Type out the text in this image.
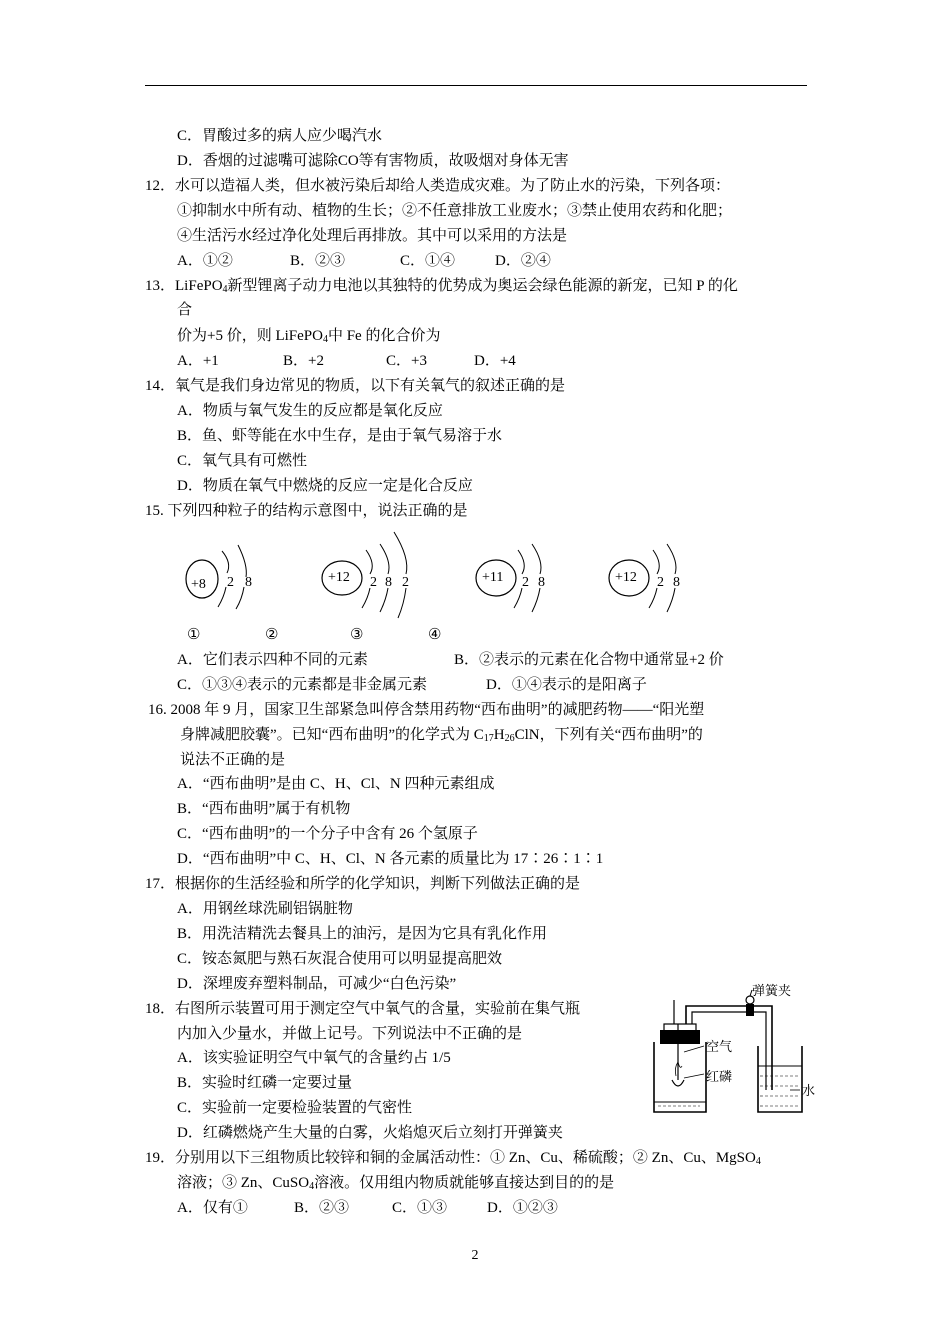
C．胃酸过多的病人应少喝汽水
D．香烟的过滤嘴可滤除CO等有害物质，故吸烟对身体无害
12．水可以造福人类，但水被污染后却给人类造成灾难。为了防止水的污染，下列各项：
①抑制水中所有动、植物的生长；②不任意排放工业废水；③禁止使用农药和化肥；
④生活污水经过净化处理后再排放。其中可以采用的方法是
A．①②	B．②③	C．①④	D．②④
13．LiFePO$_4$新型锂离子动力电池以其独特的优势成为奥运会绿色能源的新宠，已知 P 的化
合
价为+5 价，则 LiFePO$_4$中 Fe 的化合价为
A．+1	B．+2	C．+3	D．+4
14．氧气是我们身边常见的物质，以下有关氧气的叙述正确的是
A．物质与氧气发生的反应都是氧化反应
B．鱼、虾等能在水中生存，是由于氧气易溶于水
C．氧气具有可燃性
D．物质在氧气中燃烧的反应一定是化合反应
15. 下列四种粒子的结构示意图中，说法正确的是
+8 2 8	+12 2 8 2	+11 2 8	+12 2 8
①	②	③	④
A．它们表示四种不同的元素	B．②表示的元素在化合物中通常显+2 价
C．①③④表示的元素都是非金属元素	D．①④表示的是阳离子
16. 2008 年 9 月，国家卫生部紧急叫停含禁用药物“西布曲明”的减肥药物——“阳光塑
身牌减肥胶囊”。已知“西布曲明”的化学式为 $C_{17}H_{26}ClN$，下列有关“西布曲明”的
说法不正确的是
A．“西布曲明”是由 C、H、Cl、N 四种元素组成
B．“西布曲明”属于有机物
C．“西布曲明”的一个分子中含有 26 个氢原子
D．“西布曲明”中 C、H、Cl、N 各元素的质量比为 17∶26∶1∶1
17．根据你的生活经验和所学的化学知识，判断下列做法正确的是
A．用钢丝球洗刷铝锅脏物
B．用洗洁精洗去餐具上的油污，是因为它具有乳化作用
C．铵态氮肥与熟石灰混合使用可以明显提高肥效
D．深埋废弃塑料制品，可减少“白色污染”
18．右图所示装置可用于测定空气中氧气的含量，实验前在集气瓶
内加入少量水，并做上记号。下列说法中不正确的是
A．该实验证明空气中氧气的含量约占 1/5
B．实验时红磷一定要过量
C．实验前一定要检验装置的气密性
D．红磷燃烧产生大量的白雾，火焰熄灭后立刻打开弹簧夹
弹簧夹
空气
红磷
水
19．分别用以下三组物质比较锌和铜的金属活动性：① Zn、Cu、稀硫酸；② Zn、Cu、MgSO$_4$
溶液；③ Zn、CuSO$_4$溶液。仅用组内物质就能够直接达到目的的是
A．仅有①	B．②③	C．①③	D．①②③
2
